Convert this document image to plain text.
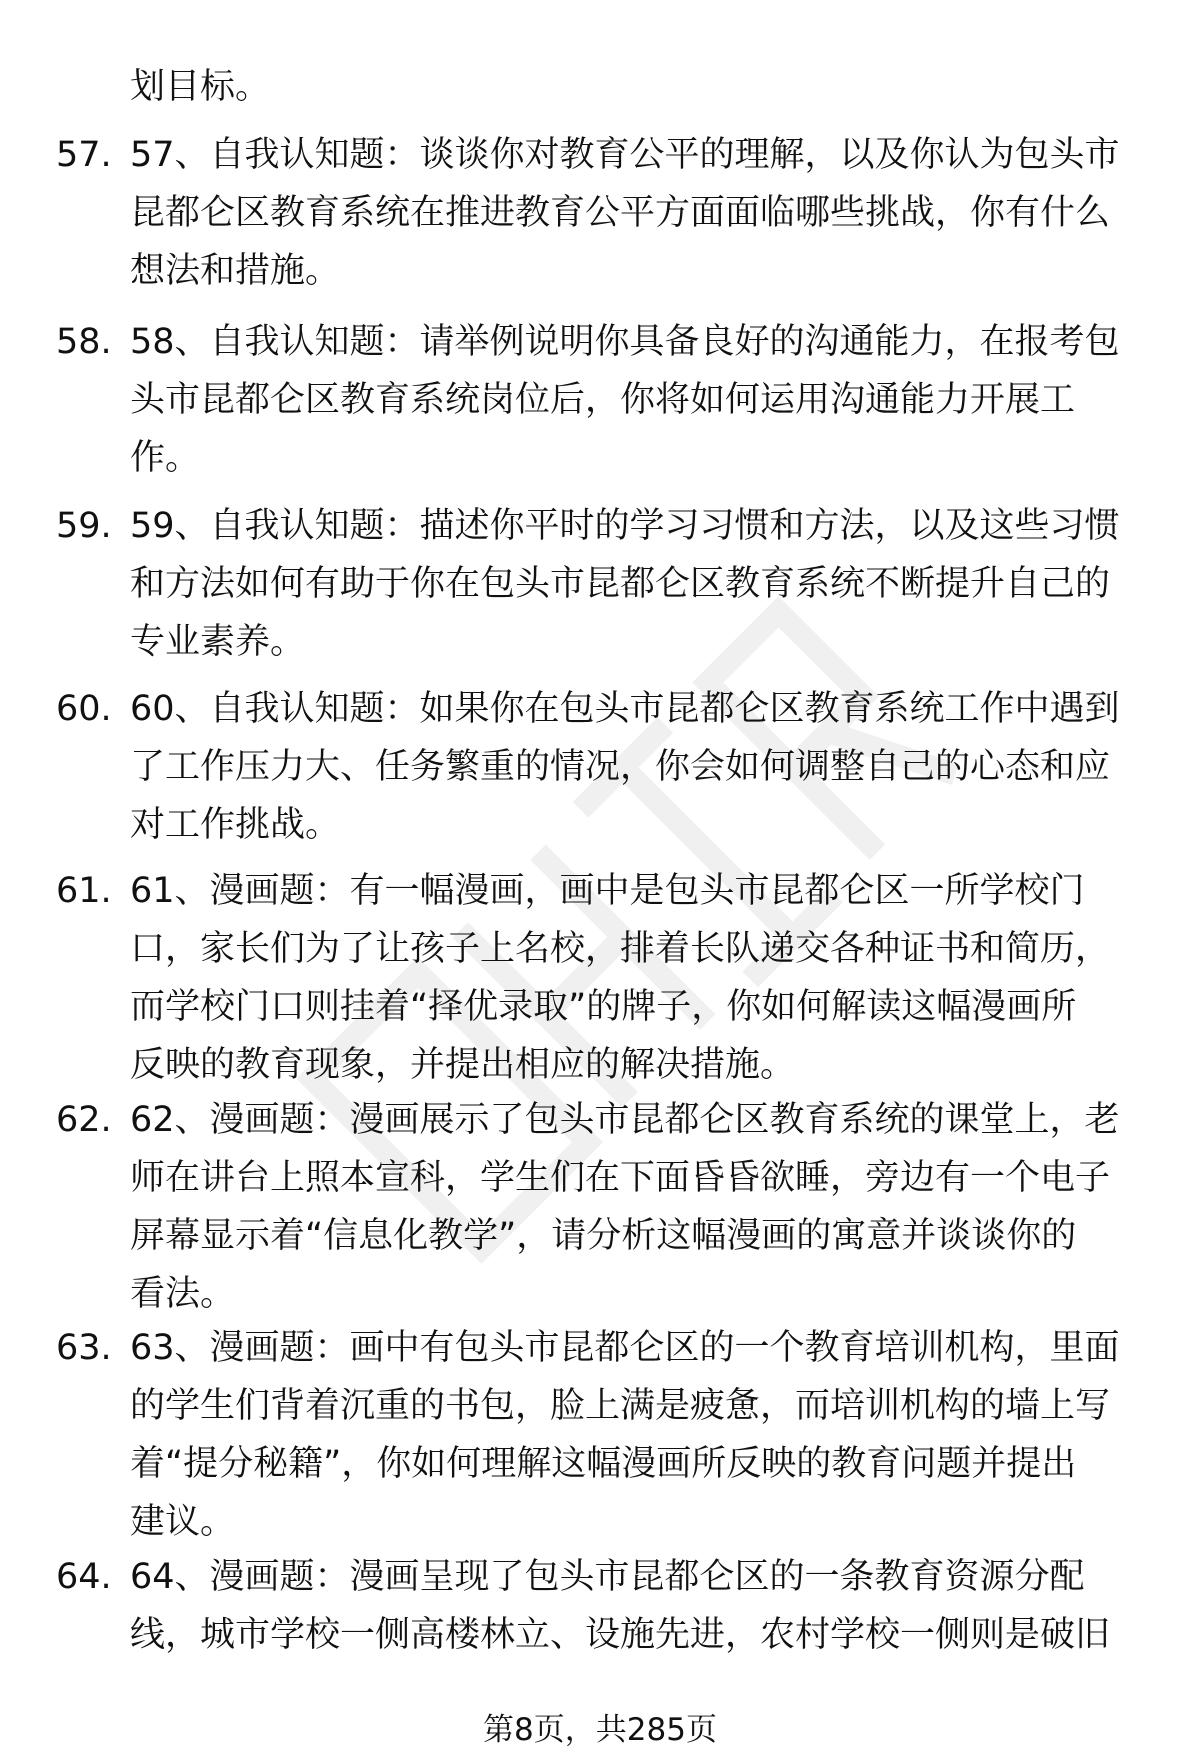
划目标。
57. 57、自我认知题：谈谈你对教育公平的理解，以及你认为包头市
昆都仑区教育系统在推进教育公平方面面临哪些挑战，你有什么
想法和措施。
58. 58、自我认知题：请举例说明你具备良好的沟通能力，在报考包
头市昆都仑区教育系统岗位后，你将如何运用沟通能力开展工
作。
59. 59、自我认知题：描述你平时的学习习惯和方法，以及这些习惯
和方法如何有助于你在包头市昆都仑区教育系统不断提升自己的
专业素养。
60. 60、自我认知题：如果你在包头市昆都仑区教育系统工作中遇到
了工作压力大、任务繁重的情况，你会如何调整自己的心态和应
对工作挑战。
61. 61、漫画题：有一幅漫画，画中是包头市昆都仑区一所学校门
口，家长们为了让孩子上名校，排着长队递交各种证书和简历，
而学校门口则挂着“择优录取”的牌子，你如何解读这幅漫画所
反映的教育现象，并提出相应的解决措施。
62. 62、漫画题：漫画展示了包头市昆都仑区教育系统的课堂上，老
师在讲台上照本宣科，学生们在下面昏昏欲睡，旁边有一个电子
屏幕显示着“信息化教学”，请分析这幅漫画的寓意并谈谈你的
看法。
63. 63、漫画题：画中有包头市昆都仑区的一个教育培训机构，里面
的学生们背着沉重的书包，脸上满是疲惫，而培训机构的墙上写
着“提分秘籍”，你如何理解这幅漫画所反映的教育问题并提出
建议。
64. 64、漫画题：漫画呈现了包头市昆都仑区的一条教育资源分配
线，城市学校一侧高楼林立、设施先进，农村学校一侧则是破旧
第8页，共285页
